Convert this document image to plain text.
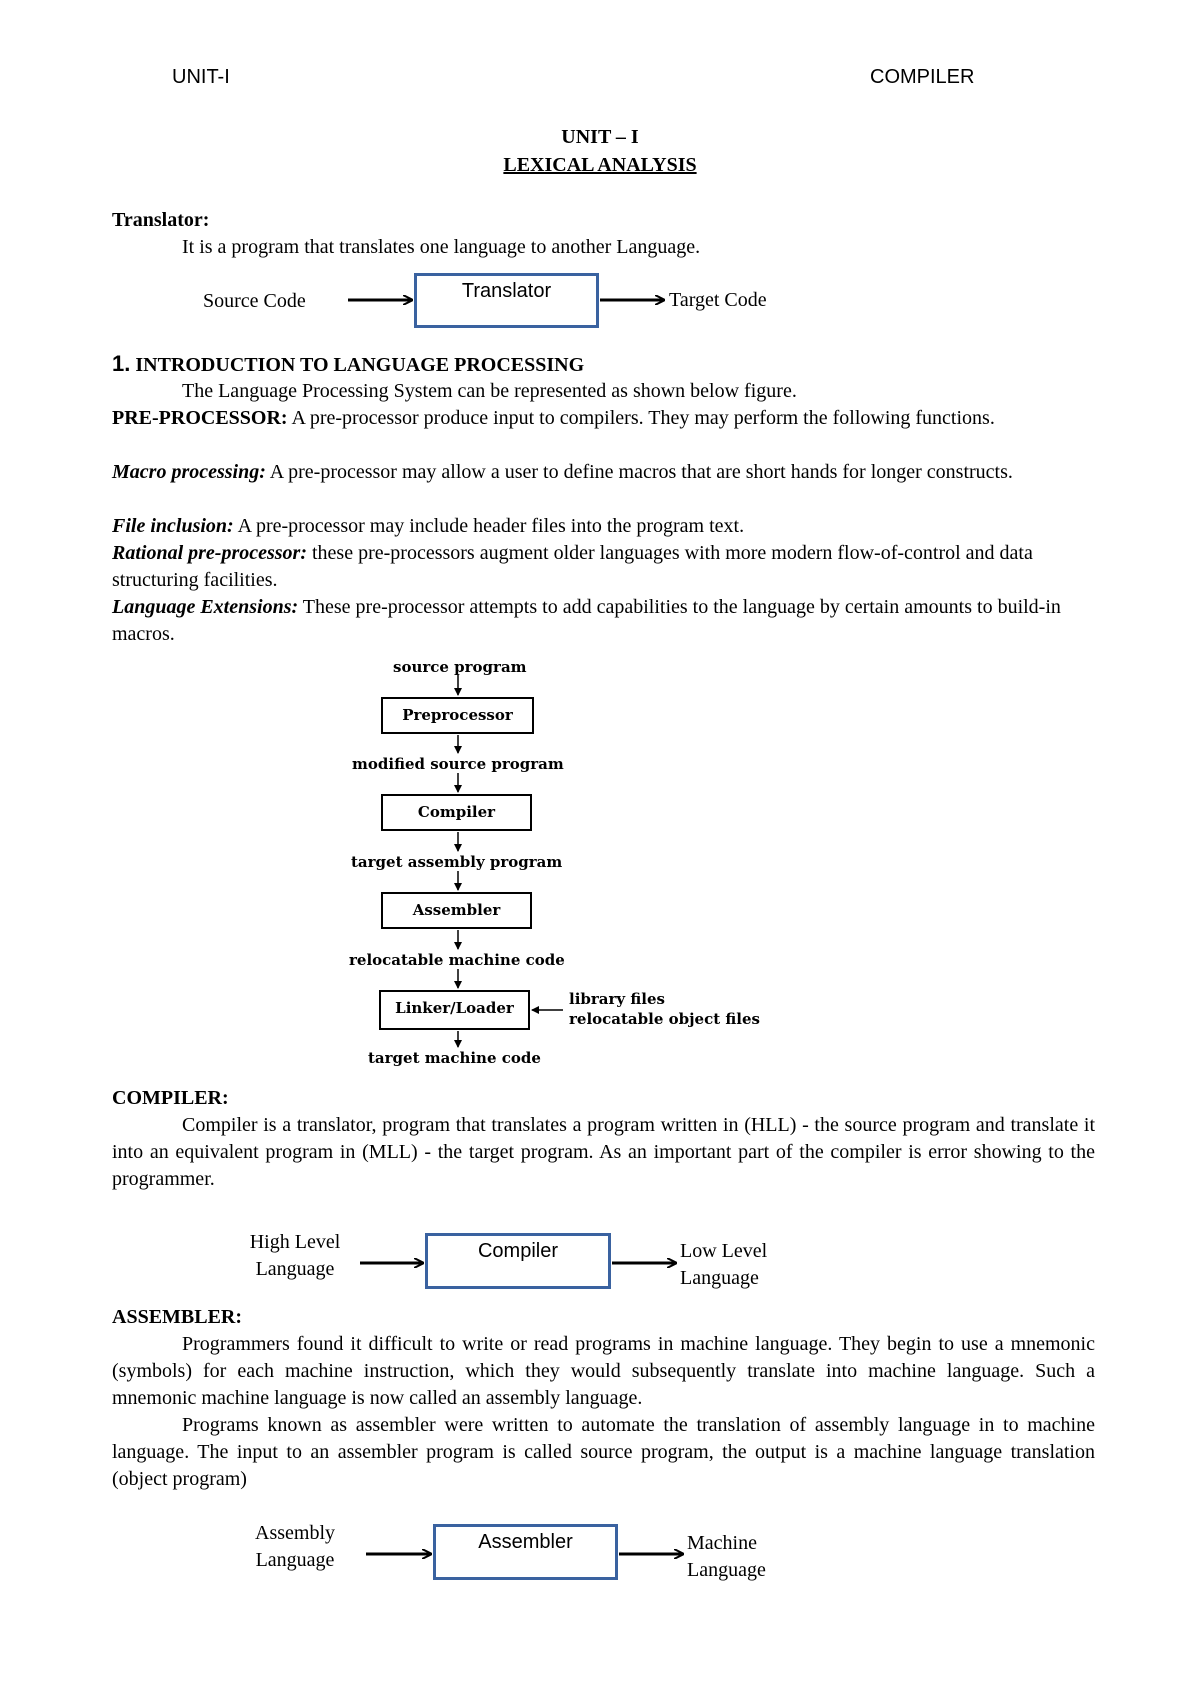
UNIT-I	COMPILER
UNIT – I
LEXICAL ANALYSIS
Translator:
It is a program that translates one language to another Language.
Source Code	Translator	Target Code
1. INTRODUCTION TO LANGUAGE PROCESSING
The Language Processing System can be represented as shown below figure.
PRE-PROCESSOR: A pre-processor produce input to compilers. They may perform the following functions.
Macro processing: A pre-processor may allow a user to define macros that are short hands for longer constructs.
File inclusion: A pre-processor may include header files into the program text.
Rational pre-processor: these pre-processors augment older languages with more modern flow-of-control and data structuring facilities.
Language Extensions: These pre-processor attempts to add capabilities to the language by certain amounts to build-in macros.
source program
Preprocessor
modified source program
Compiler
target assembly program
Assembler
relocatable machine code
Linker/Loader	library files
relocatable object files
target machine code
COMPILER:
Compiler is a translator, program that translates a program written in (HLL) - the source program and translate it into an equivalent program in (MLL) - the target program. As an important part of the compiler is error showing to the programmer.
High Level
Language
Compiler	Low Level
Language
ASSEMBLER:
Programmers found it difficult to write or read programs in machine language. They begin to use a mnemonic (symbols) for each machine instruction, which they would subsequently translate into machine language. Such a mnemonic machine language is now called an assembly language.
Programs known as assembler were written to automate the translation of assembly language in to machine language. The input to an assembler program is called source program, the output is a machine language translation (object program)
Assembly
Language
Assembler	Machine
Language
